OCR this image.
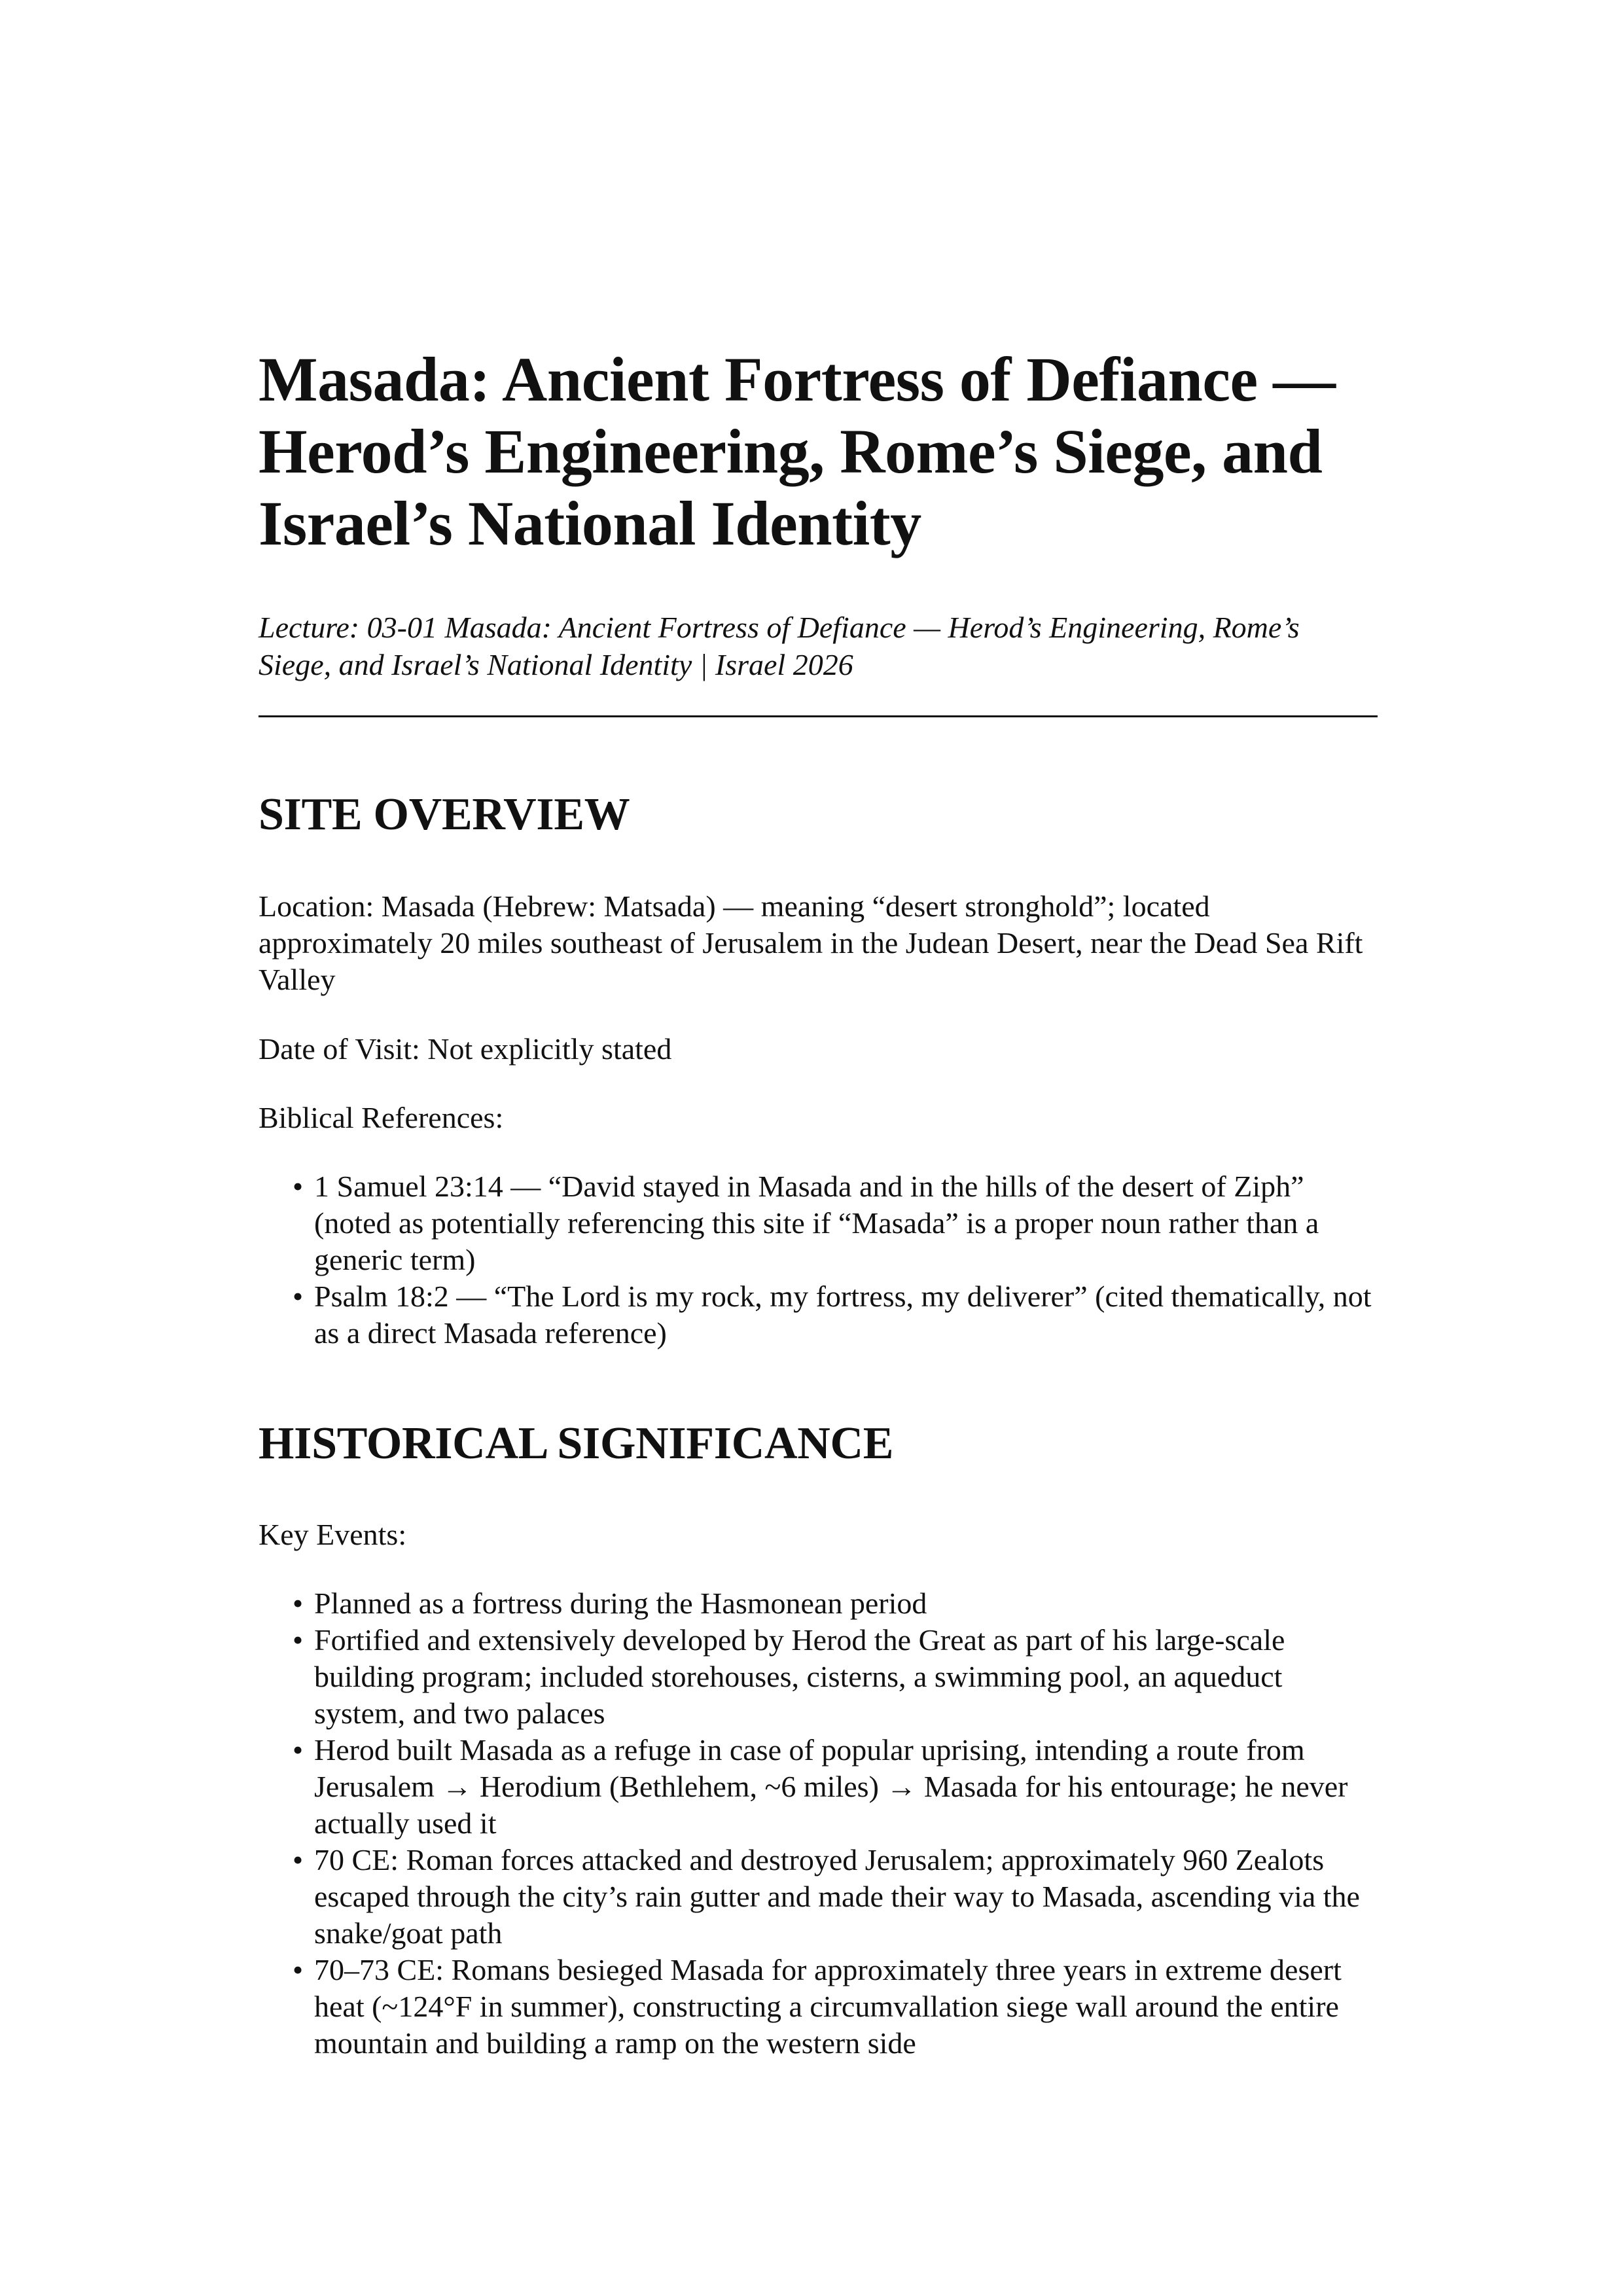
Masada: Ancient Fortress of Defiance — Herod’s Engineering, Rome’s Siege, and Israel’s National Identity

Lecture: 03-01 Masada: Ancient Fortress of Defiance — Herod’s Engineering, Rome’s Siege, and Israel’s National Identity | Israel 2026

SITE OVERVIEW

Location: Masada (Hebrew: Matsada) — meaning “desert stronghold”; located approximately 20 miles southeast of Jerusalem in the Judean Desert, near the Dead Sea Rift Valley

Date of Visit: Not explicitly stated

Biblical References:

• 1 Samuel 23:14 — “David stayed in Masada and in the hills of the desert of Ziph” (noted as potentially referencing this site if “Masada” is a proper noun rather than a generic term)
• Psalm 18:2 — “The Lord is my rock, my fortress, my deliverer” (cited thematically, not as a direct Masada reference)
HISTORICAL SIGNIFICANCE

Key Events:

• Planned as a fortress during the Hasmonean period
• Fortified and extensively developed by Herod the Great as part of his large-scale building program; included storehouses, cisterns, a swimming pool, an aqueduct system, and two palaces
• Herod built Masada as a refuge in case of popular uprising, intending a route from Jerusalem → Herodium (Bethlehem, ~6 miles) → Masada for his entourage; he never actually used it
• 70 CE: Roman forces attacked and destroyed Jerusalem; approximately 960 Zealots escaped through the city’s rain gutter and made their way to Masada, ascending via the snake/goat path
• 70–73 CE: Romans besieged Masada for approximately three years in extreme desert heat (~124°F in summer), constructing a circumvallation siege wall around the entire mountain and building a ramp on the western side
